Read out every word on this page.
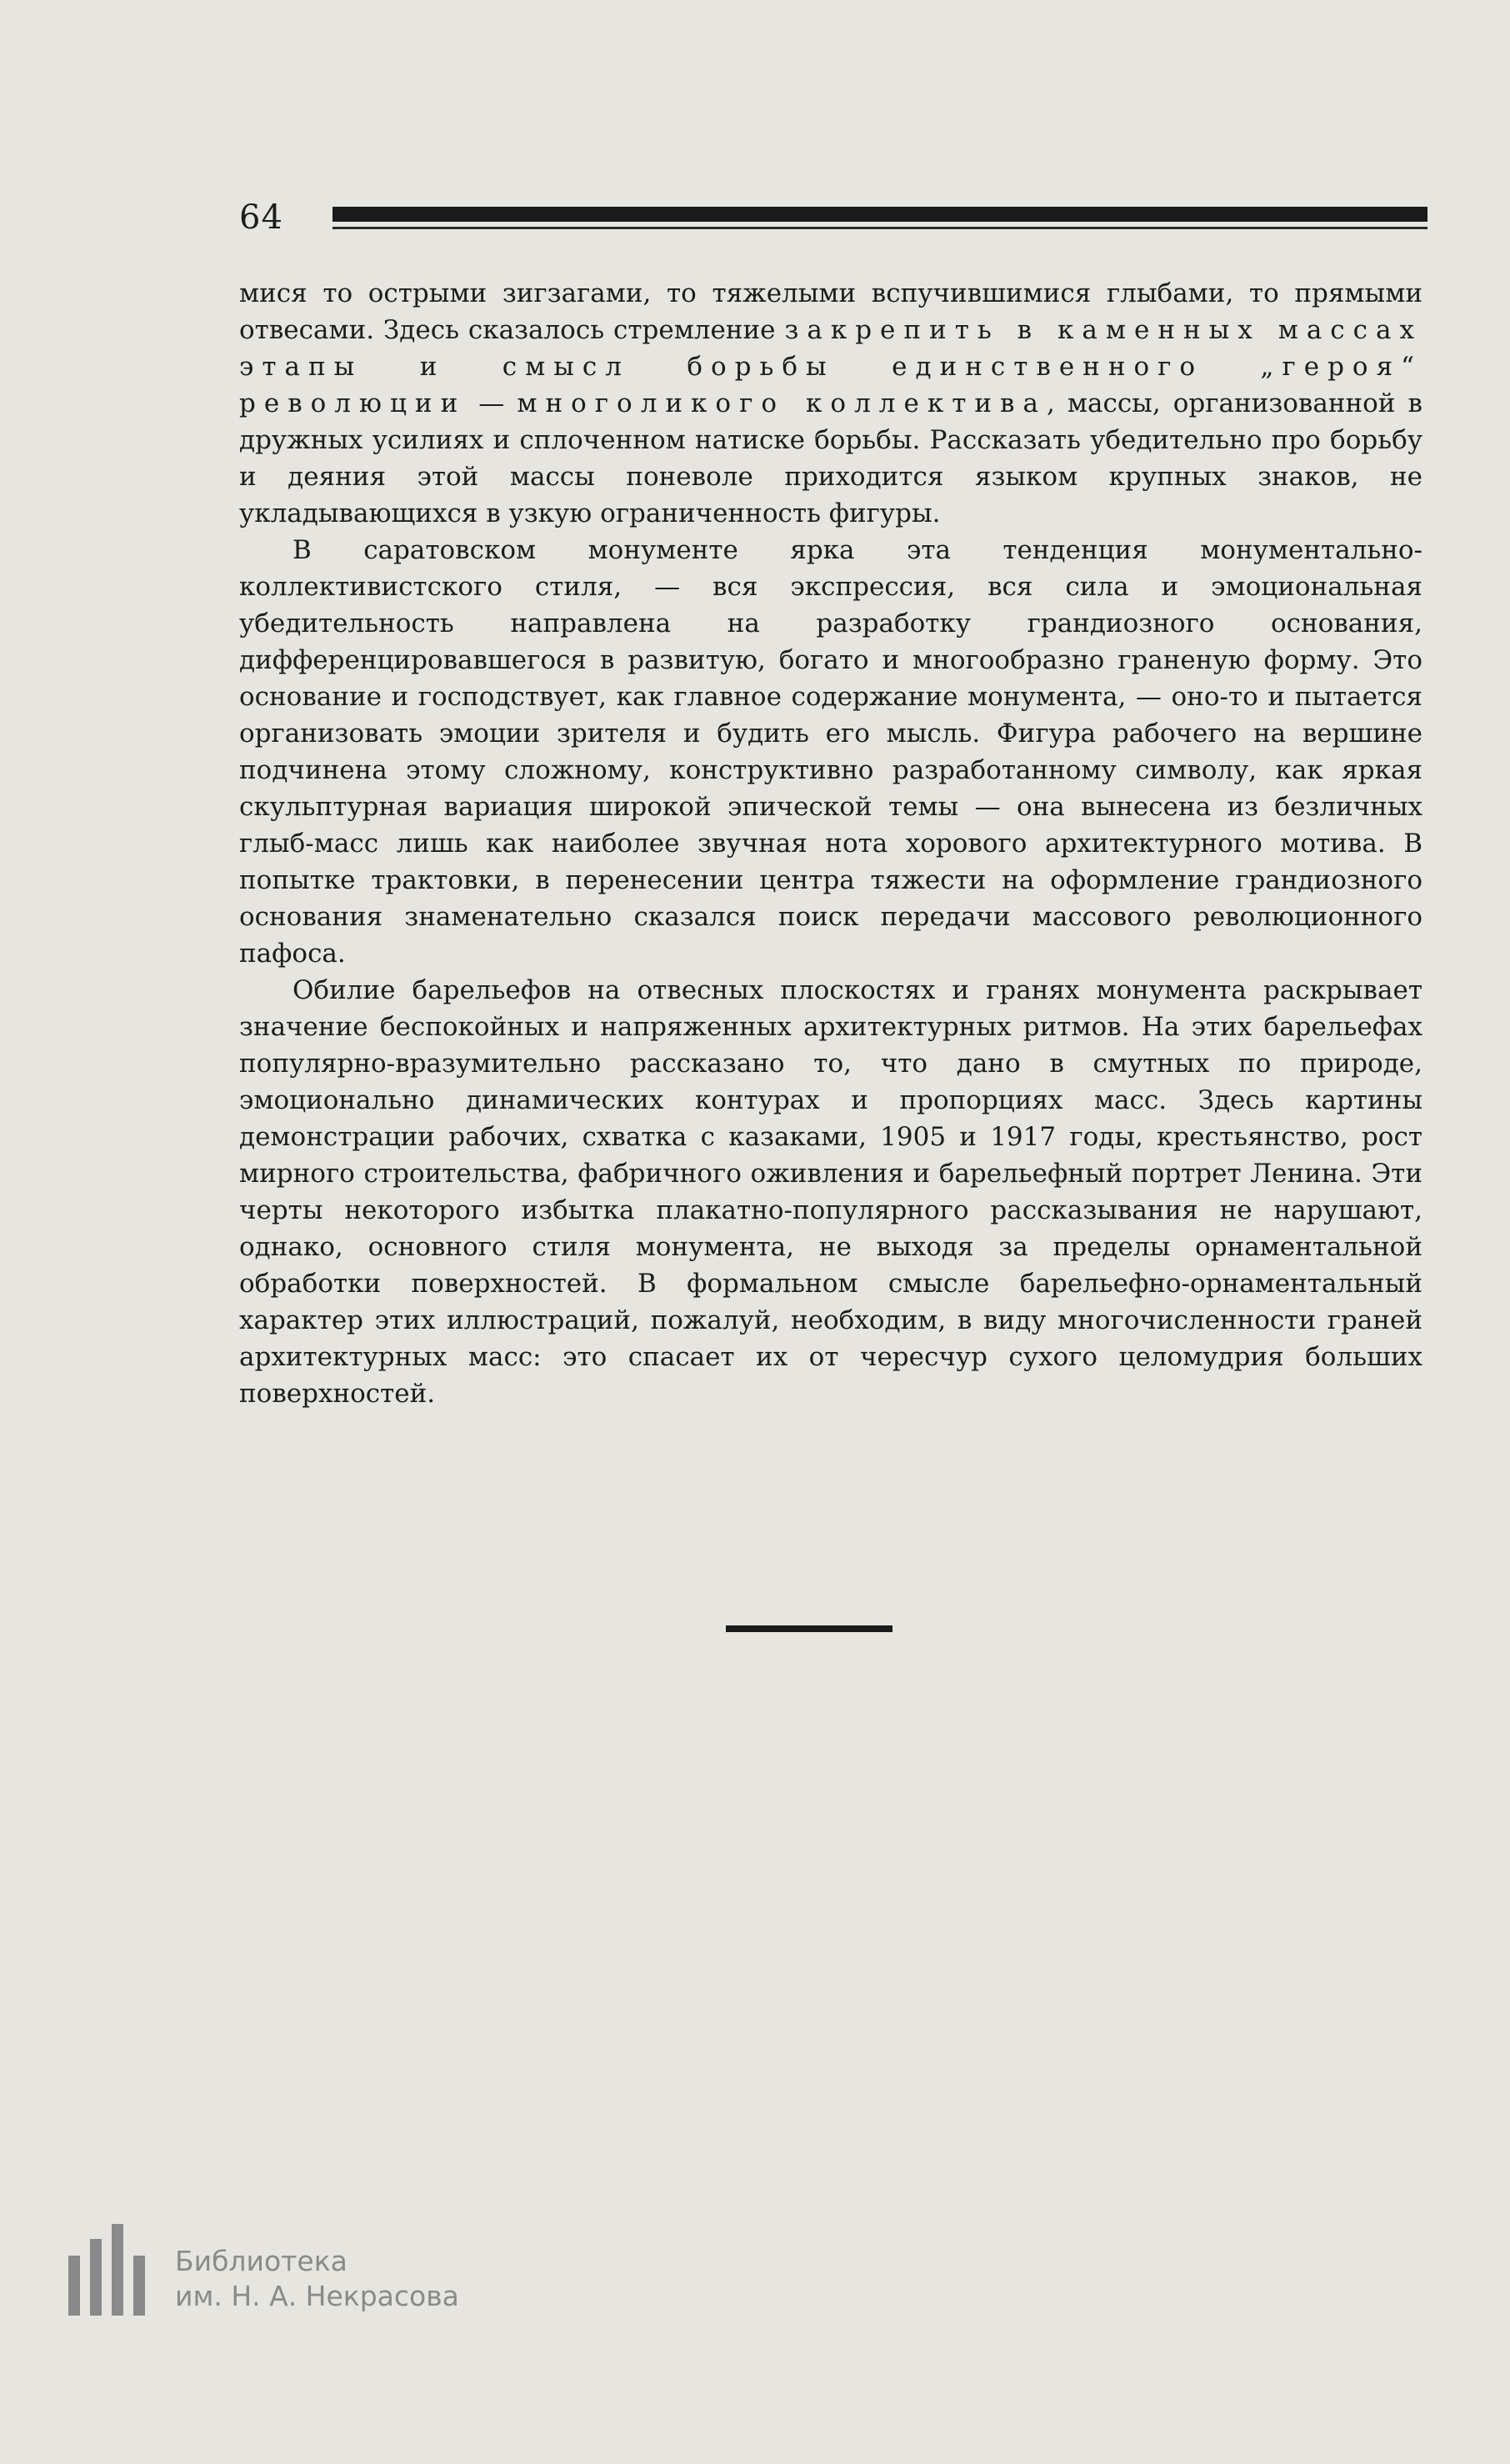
64

мися то острыми зигзагами, то тяжелыми вспучившимися глыбами, то прямыми отвесами. Здесь сказалось стремление закрепить в каменных массах этапы и смысл борьбы единственного „героя“ революции — многоликого коллектива, массы, организованной в дружных усилиях и сплоченном натиске борьбы. Рассказать убедительно про борьбу и деяния этой массы поневоле приходится языком крупных знаков, не укладывающихся в узкую ограниченность фигуры.

В саратовском монументе ярка эта тенденция монументально-коллективистского стиля, — вся экспрессия, вся сила и эмоциональная убедительность направлена на разработку грандиозного основания, дифференцировавшегося в развитую, богато и многообразно граненую форму. Это основание и господствует, как главное содержание монумента, — оно-то и пытается организовать эмоции зрителя и будить его мысль. Фигура рабочего на вершине подчинена этому сложному, конструктивно разработанному символу, как яркая скульптурная вариация широкой эпической темы — она вынесена из безличных глыб-масс лишь как наиболее звучная нота хорового архитектурного мотива. В попытке трактовки, в перенесении центра тяжести на оформление грандиозного основания знаменательно сказался поиск передачи массового революционного пафоса.

Обилие барельефов на отвесных плоскостях и гранях монумента раскрывает значение беспокойных и напряженных архитектурных ритмов. На этих барельефах популярно-вразумительно рассказано то, что дано в смутных по природе, эмоционально динамических контурах и пропорциях масс. Здесь картины демонстрации рабочих, схватка с казаками, 1905 и 1917 годы, крестьянство, рост мирного строительства, фабричного оживления и барельефный портрет Ленина. Эти черты некоторого избытка плакатно-популярного рассказывания не нарушают, однако, основного стиля монумента, не выходя за пределы орнаментальной обработки поверхностей. В формальном смысле барельефно-орнаментальный характер этих иллюстраций, пожалуй, необходим, в виду многочисленности граней архитектурных масс: это спасает их от чересчур сухого целомудрия больших поверхностей.

Библиотека
им. Н. А. Некрасова
